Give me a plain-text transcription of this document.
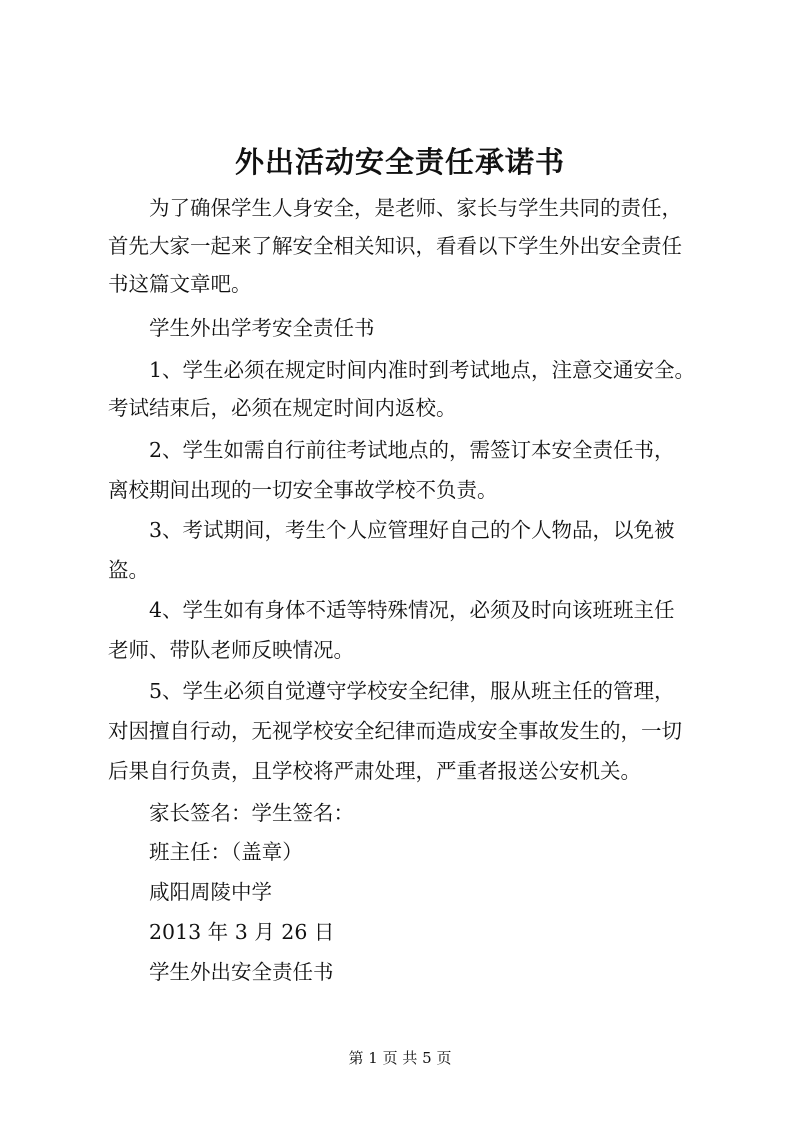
外出活动安全责任承诺书

为了确保学生人身安全，是老师、家长与学生共同的责任，

首先大家一起来了解安全相关知识，看看以下学生外出安全责任

书这篇文章吧。

学生外出学考安全责任书

1、学生必须在规定时间内准时到考试地点，注意交通安全。

考试结束后，必须在规定时间内返校。

2、学生如需自行前往考试地点的，需签订本安全责任书，

离校期间出现的一切安全事故学校不负责。

3、考试期间，考生个人应管理好自己的个人物品，以免被

盗。

4、学生如有身体不适等特殊情况，必须及时向该班班主任

老师、带队老师反映情况。

5、学生必须自觉遵守学校安全纪律，服从班主任的管理，

对因擅自行动，无视学校安全纪律而造成安全事故发生的，一切

后果自行负责，且学校将严肃处理，严重者报送公安机关。

家长签名：学生签名：

班主任：（盖章）

咸阳周陵中学

2013 年 3 月 26 日

学生外出安全责任书

第 1 页 共 5 页
